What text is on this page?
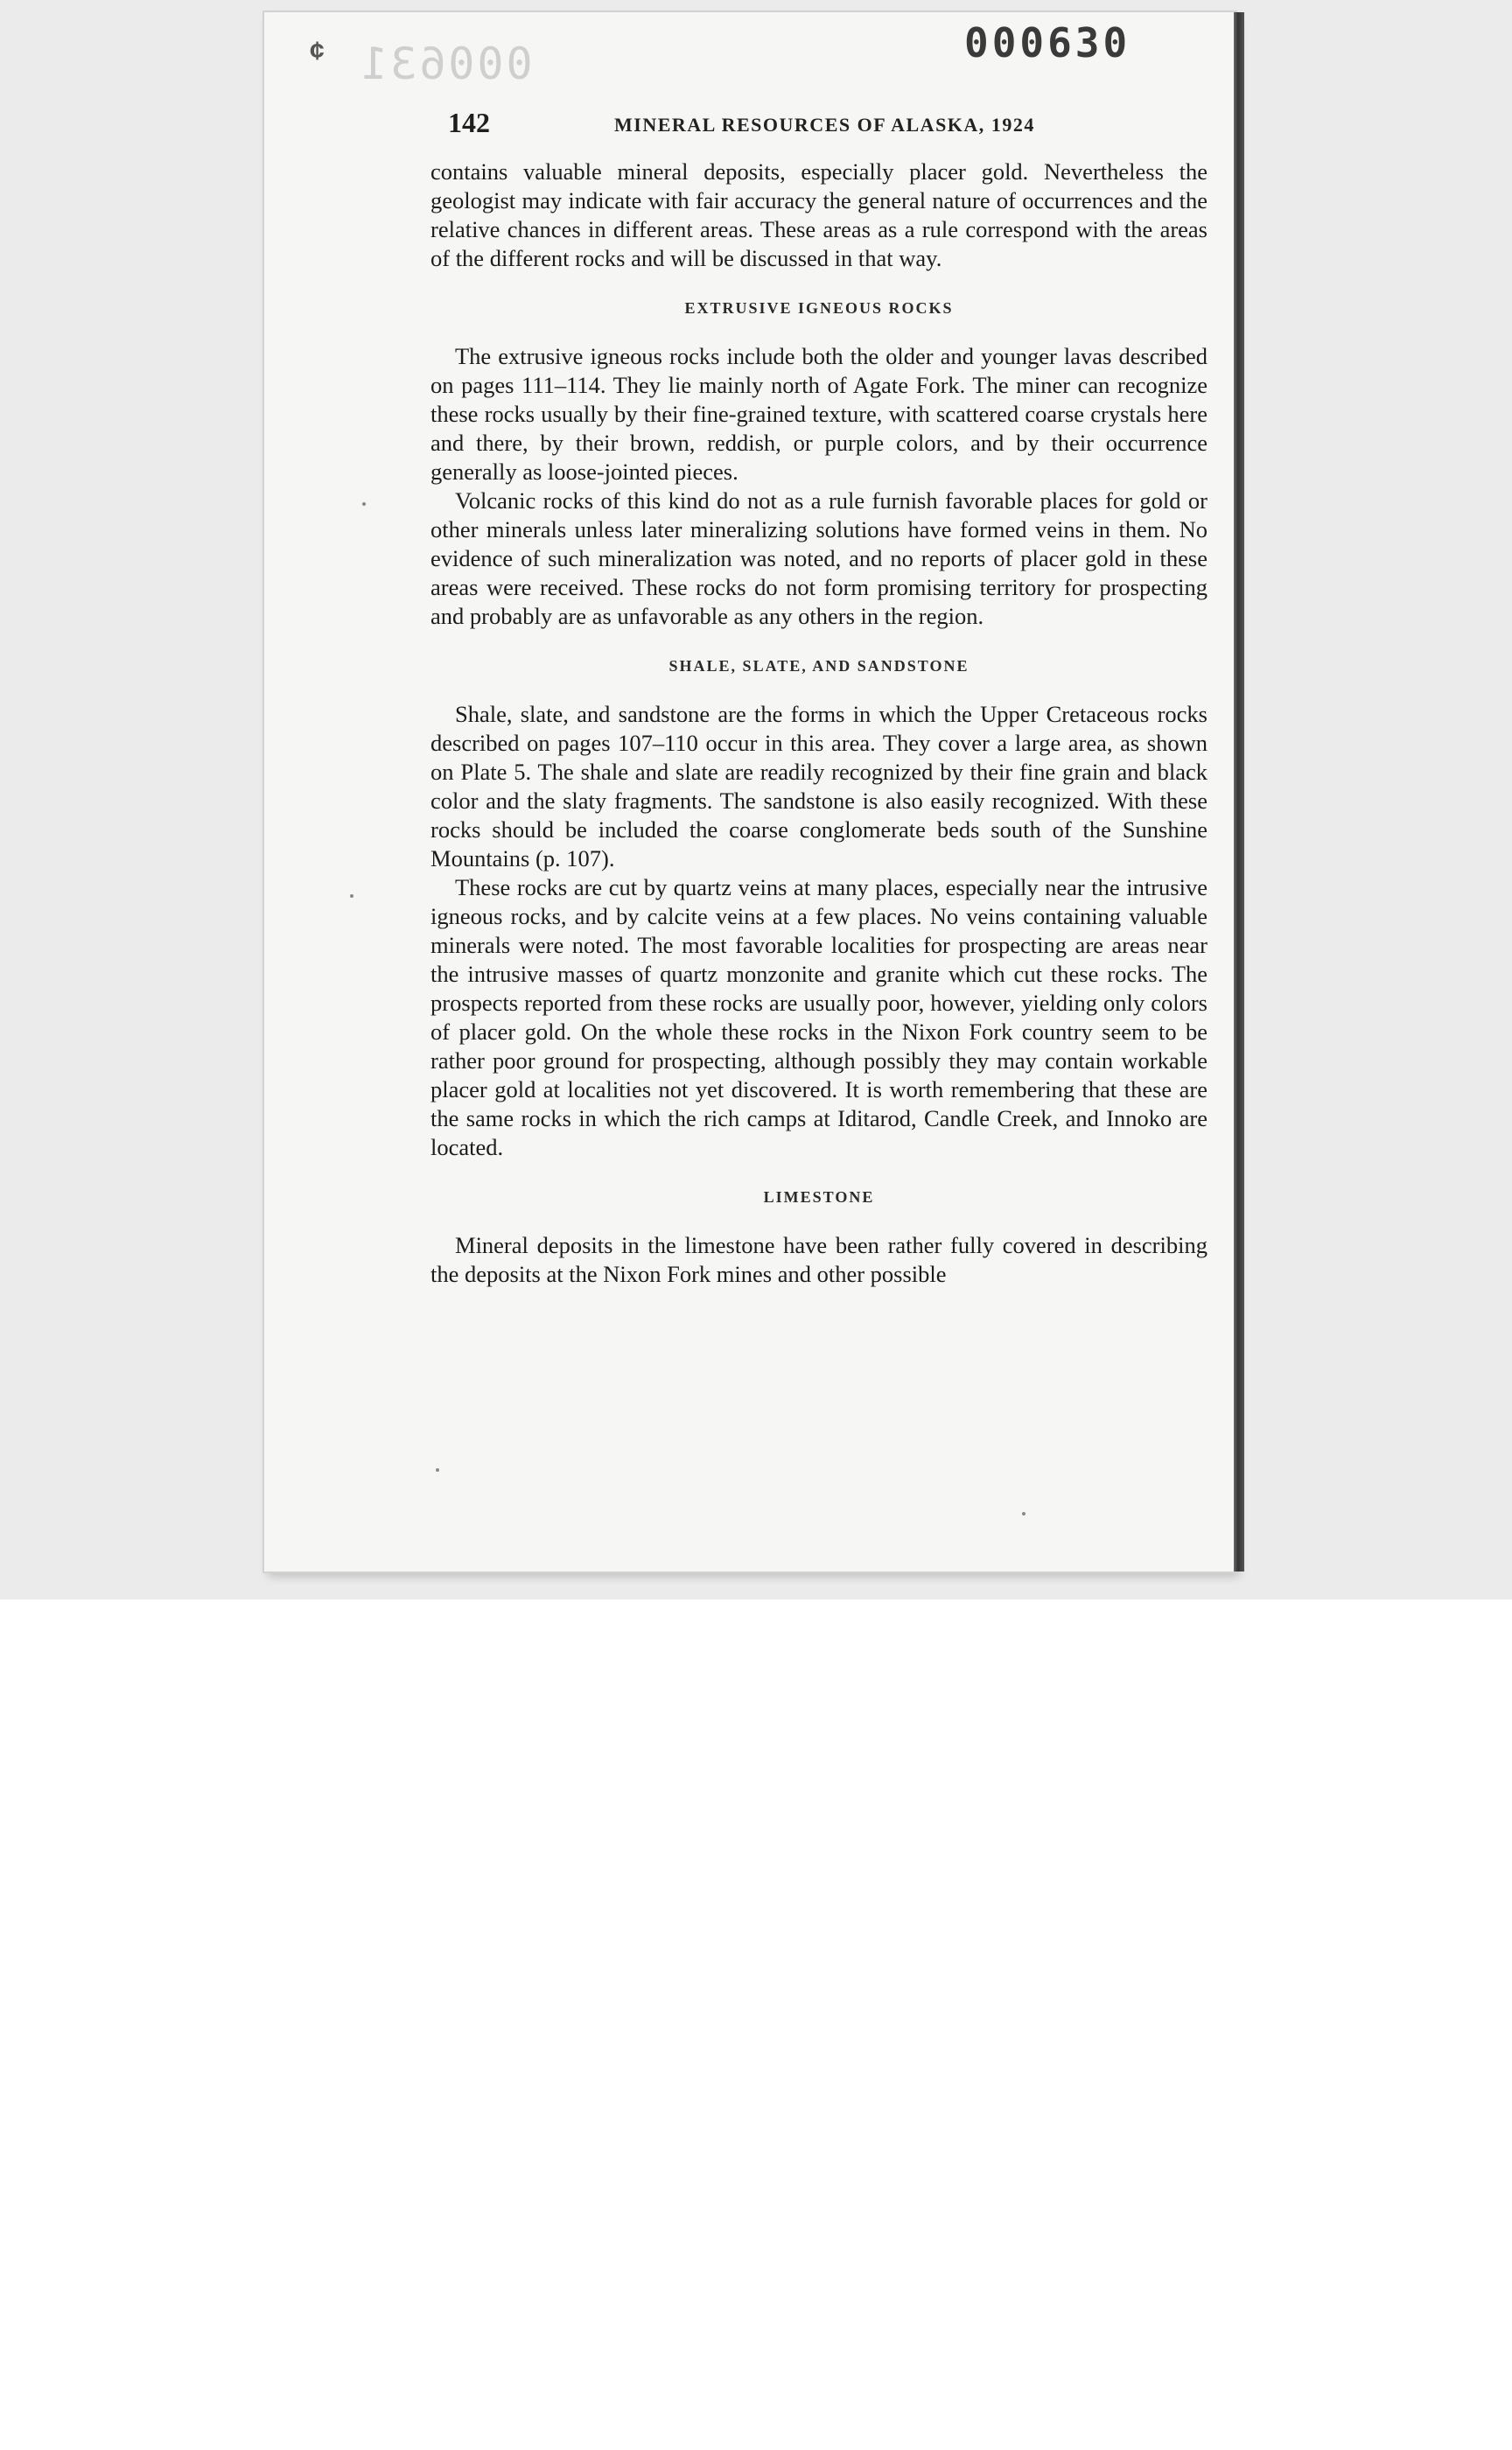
¢ 000631	000630
142	MINERAL RESOURCES OF ALASKA, 1924

contains valuable mineral deposits, especially placer gold. Nevertheless the geologist may indicate with fair accuracy the general nature of occurrences and the relative chances in different areas. These areas as a rule correspond with the areas of the different rocks and will be discussed in that way.

EXTRUSIVE IGNEOUS ROCKS

The extrusive igneous rocks include both the older and younger lavas described on pages 111–114. They lie mainly north of Agate Fork. The miner can recognize these rocks usually by their fine-grained texture, with scattered coarse crystals here and there, by their brown, reddish, or purple colors, and by their occurrence generally as loose-jointed pieces.

Volcanic rocks of this kind do not as a rule furnish favorable places for gold or other minerals unless later mineralizing solutions have formed veins in them. No evidence of such mineralization was noted, and no reports of placer gold in these areas were received. These rocks do not form promising territory for prospecting and probably are as unfavorable as any others in the region.

SHALE, SLATE, AND SANDSTONE

Shale, slate, and sandstone are the forms in which the Upper Cretaceous rocks described on pages 107–110 occur in this area. They cover a large area, as shown on Plate 5. The shale and slate are readily recognized by their fine grain and black color and the slaty fragments. The sandstone is also easily recognized. With these rocks should be included the coarse conglomerate beds south of the Sunshine Mountains (p. 107).

These rocks are cut by quartz veins at many places, especially near the intrusive igneous rocks, and by calcite veins at a few places. No veins containing valuable minerals were noted. The most favorable localities for prospecting are areas near the intrusive masses of quartz monzonite and granite which cut these rocks. The prospects reported from these rocks are usually poor, however, yielding only colors of placer gold. On the whole these rocks in the Nixon Fork country seem to be rather poor ground for prospecting, although possibly they may contain workable placer gold at localities not yet discovered. It is worth remembering that these are the same rocks in which the rich camps at Iditarod, Candle Creek, and Innoko are located.

LIMESTONE

Mineral deposits in the limestone have been rather fully covered in describing the deposits at the Nixon Fork mines and other possible
